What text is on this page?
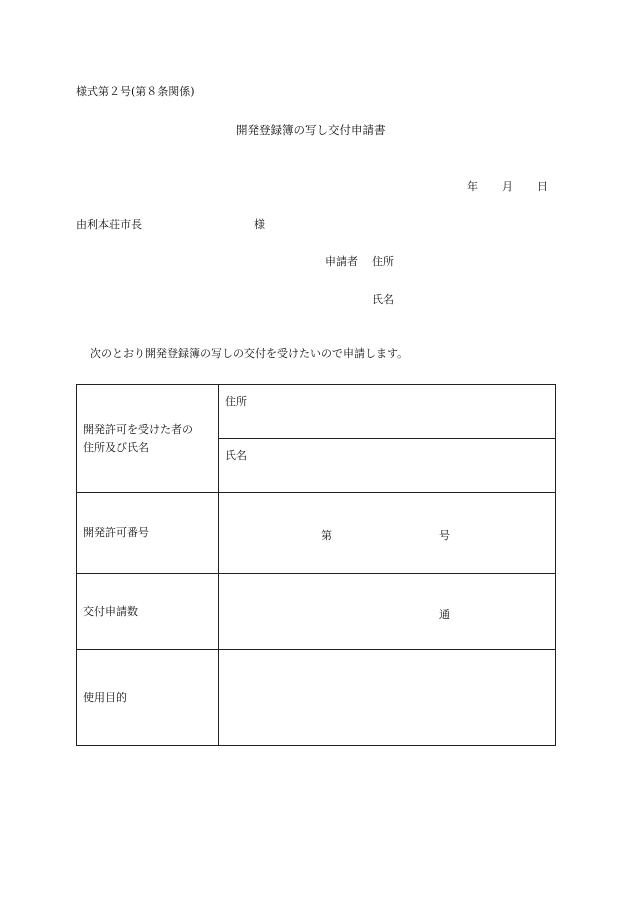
様式第２号(第８条関係)
開発登録簿の写し交付申請書
年 月 日
由利本荘市長	様
申請者 住所
氏名
次のとおり開発登録簿の写しの交付を受けたいので申請します。
開発許可を受けた者の
住所及び氏名	住所
	氏名
開発許可番号	第 号

交付申請数	通

使用目的	
